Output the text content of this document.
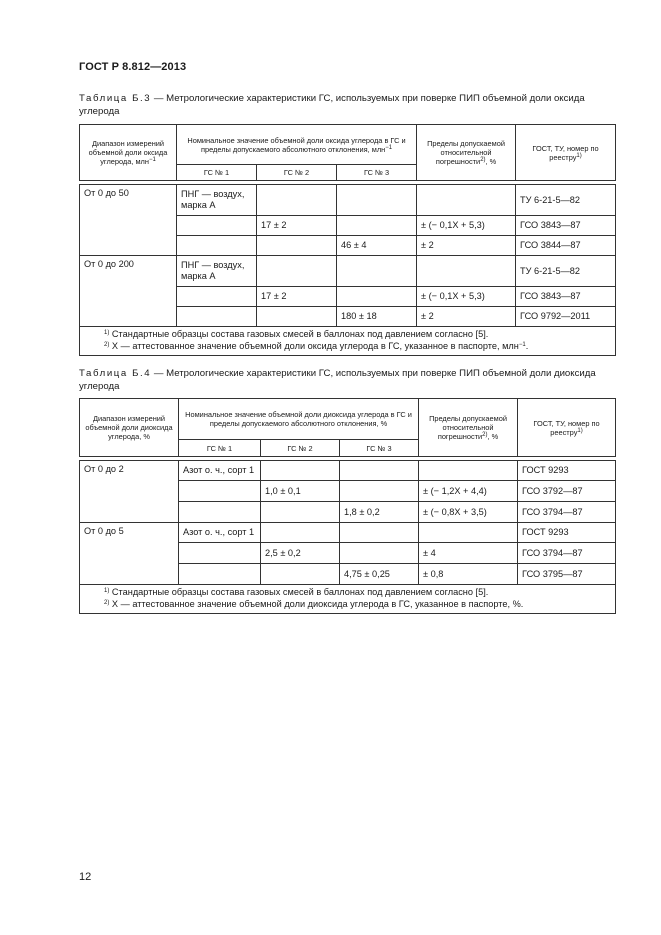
ГОСТ Р 8.812—2013
Таблица Б.3 — Метрологические характеристики ГС, используемых при поверке ПИП объемной доли оксида углерода
Диапазон измерений объемной доли оксида углерода, млн$^{-1}$	Номинальное значение объемной доли оксида углерода в ГС и пределы допускаемого абсолютного отклонения, млн$^{-1}$			Пределы допускаемой относительной погрешности$^{2)}$, %	ГОСТ, ТУ, номер по реестру$^{1)}$
	ГС № 1	ГС № 2	ГС № 3		

От 0 до 50	ПНГ — воздух, марка А				ТУ 6-21-5—82
		17 ± 2		± (− 0,1X + 5,3)	ГСО 3843—87
			46 ± 4	± 2	ГСО 3844—87
От 0 до 200	ПНГ — воздух, марка А				ТУ 6-21-5—82
		17 ± 2		± (− 0,1X + 5,3)	ГСО 3843—87
			180 ± 18	± 2	ГСО 9792—2011

$^{1)}$ Стандартные образцы состава газовых смесей в баллонах под давлением согласно [5].
$^{2)}$ X — аттестованное значение объемной доли оксида углерода в ГС, указанное в паспорте, млн$^{-1}$.					
Таблица Б.4 — Метрологические характеристики ГС, используемых при поверке ПИП объемной доли диоксида углерода
Диапазон измерений объемной доли диоксида углерода, %	Номинальное значение объемной доли диоксида углерода в ГС и пределы допускаемого абсолютного отклонения, %			Пределы допускаемой относительной погрешности$^{2)}$, %	ГОСТ, ТУ, номер по реестру$^{1)}$
	ГС № 1	ГС № 2	ГС № 3		

От 0 до 2	Азот о. ч., сорт 1				ГОСТ 9293
		1,0 ± 0,1		± (− 1,2X + 4,4)	ГСО 3792—87
			1,8 ± 0,2	± (− 0,8X + 3,5)	ГСО 3794—87
От 0 до 5	Азот о. ч., сорт 1				ГОСТ 9293
		2,5 ± 0,2		± 4	ГСО 3794—87
			4,75 ± 0,25	± 0,8	ГСО 3795—87

$^{1)}$ Стандартные образцы состава газовых смесей в баллонах под давлением согласно [5].
$^{2)}$ X — аттестованное значение объемной доли диоксида углерода в ГС, указанное в паспорте, %.					
12
